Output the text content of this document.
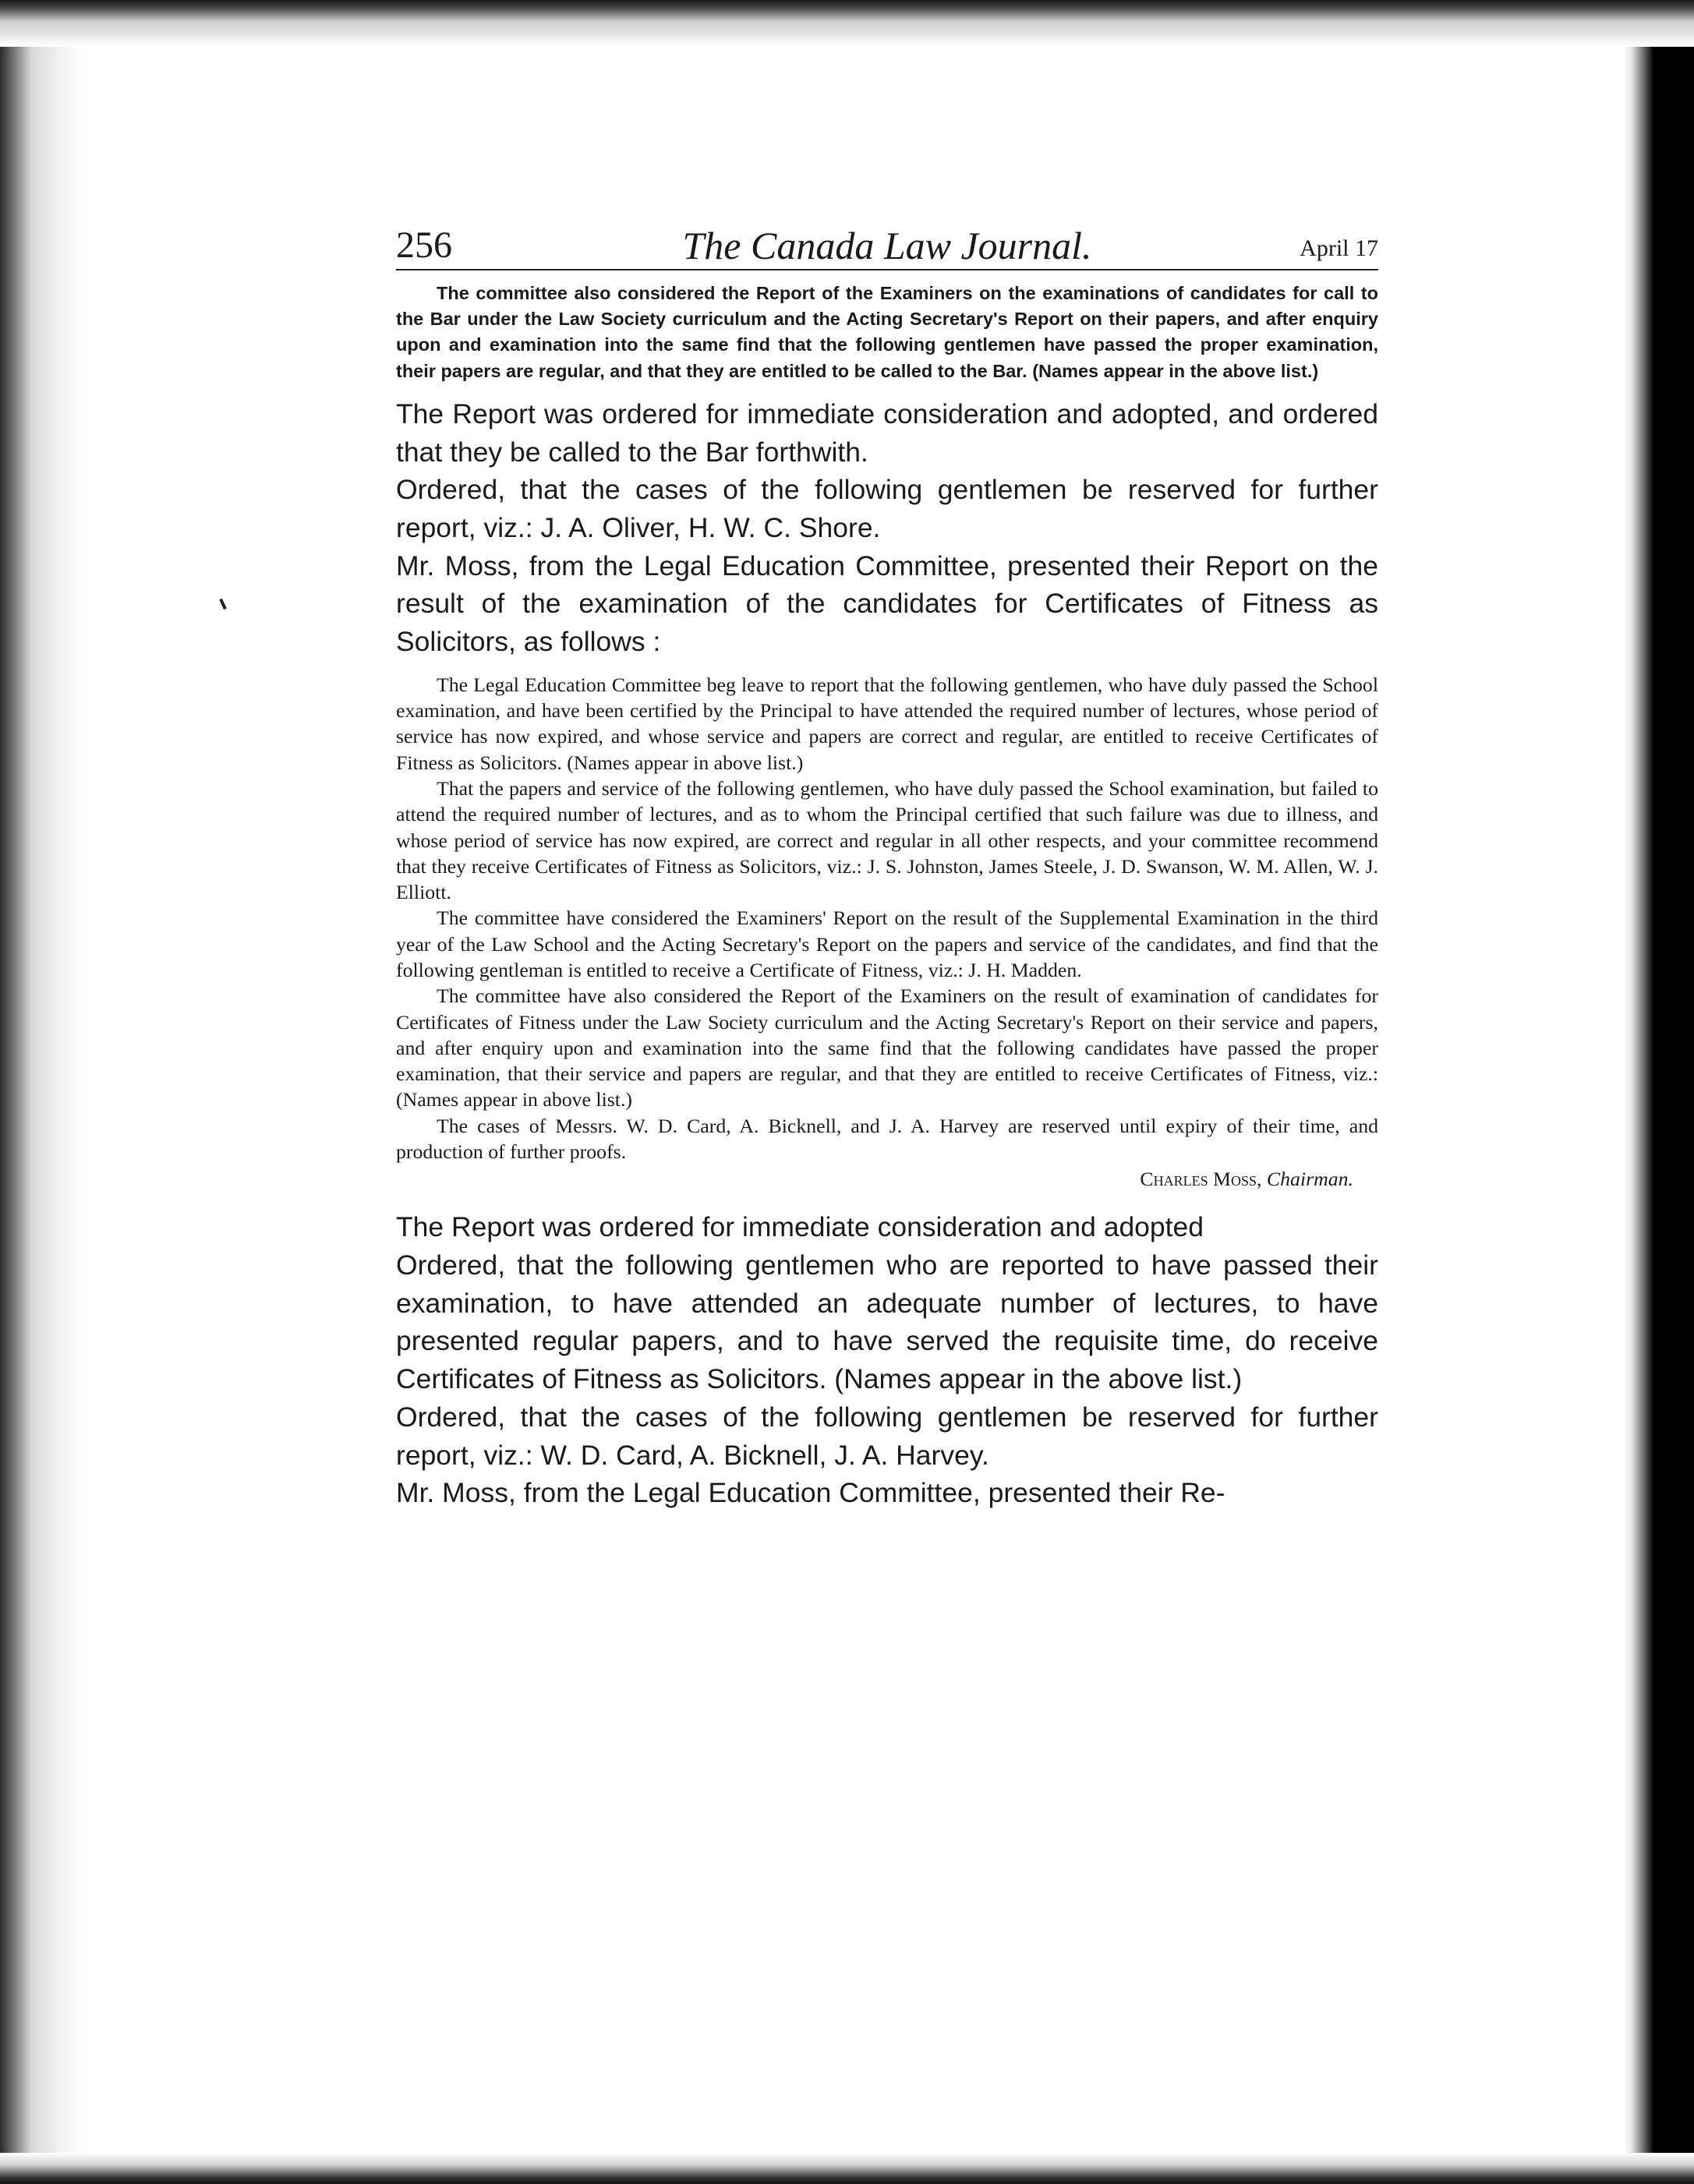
256	The Canada Law Journal.	April 17

The committee also considered the Report of the Examiners on the examinations of candidates for call to the Bar under the Law Society curriculum and the Acting Secretary's Report on their papers, and after enquiry upon and examination into the same find that the following gentlemen have passed the proper examination, their papers are regular, and that they are entitled to be called to the Bar. (Names appear in the above list.)

The Report was ordered for immediate consideration and adopted, and ordered that they be called to the Bar forthwith.

Ordered, that the cases of the following gentlemen be reserved for further report, viz.: J. A. Oliver, H. W. C. Shore.

Mr. Moss, from the Legal Education Committee, presented their Report on the result of the examination of the candidates for Certificates of Fitness as Solicitors, as follows :

The Legal Education Committee beg leave to report that the following gentlemen, who have duly passed the School examination, and have been certified by the Principal to have attended the required number of lectures, whose period of service has now expired, and whose service and papers are correct and regular, are entitled to receive Certificates of Fitness as Solicitors. (Names appear in above list.)

That the papers and service of the following gentlemen, who have duly passed the School examination, but failed to attend the required number of lectures, and as to whom the Principal certified that such failure was due to illness, and whose period of service has now expired, are correct and regular in all other respects, and your committee recommend that they receive Certificates of Fitness as Solicitors, viz.: J. S. Johnston, James Steele, J. D. Swanson, W. M. Allen, W. J. Elliott.

The committee have considered the Examiners' Report on the result of the Supplemental Examination in the third year of the Law School and the Acting Secretary's Report on the papers and service of the candidates, and find that the following gentleman is entitled to receive a Certificate of Fitness, viz.: J. H. Madden.

The committee have also considered the Report of the Examiners on the result of examination of candidates for Certificates of Fitness under the Law Society curriculum and the Acting Secretary's Report on their service and papers, and after enquiry upon and examination into the same find that the following candidates have passed the proper examination, that their service and papers are regular, and that they are entitled to receive Certificates of Fitness, viz.: (Names appear in above list.)

The cases of Messrs. W. D. Card, A. Bicknell, and J. A. Harvey are reserved until expiry of their time, and production of further proofs.

Charles Moss, Chairman.

The Report was ordered for immediate consideration and adopted

Ordered, that the following gentlemen who are reported to have passed their examination, to have attended an adequate number of lectures, to have presented regular papers, and to have served the requisite time, do receive Certificates of Fitness as Solicitors. (Names appear in the above list.)

Ordered, that the cases of the following gentlemen be reserved for further report, viz.: W. D. Card, A. Bicknell, J. A. Harvey.

Mr. Moss, from the Legal Education Committee, presented their Re-
